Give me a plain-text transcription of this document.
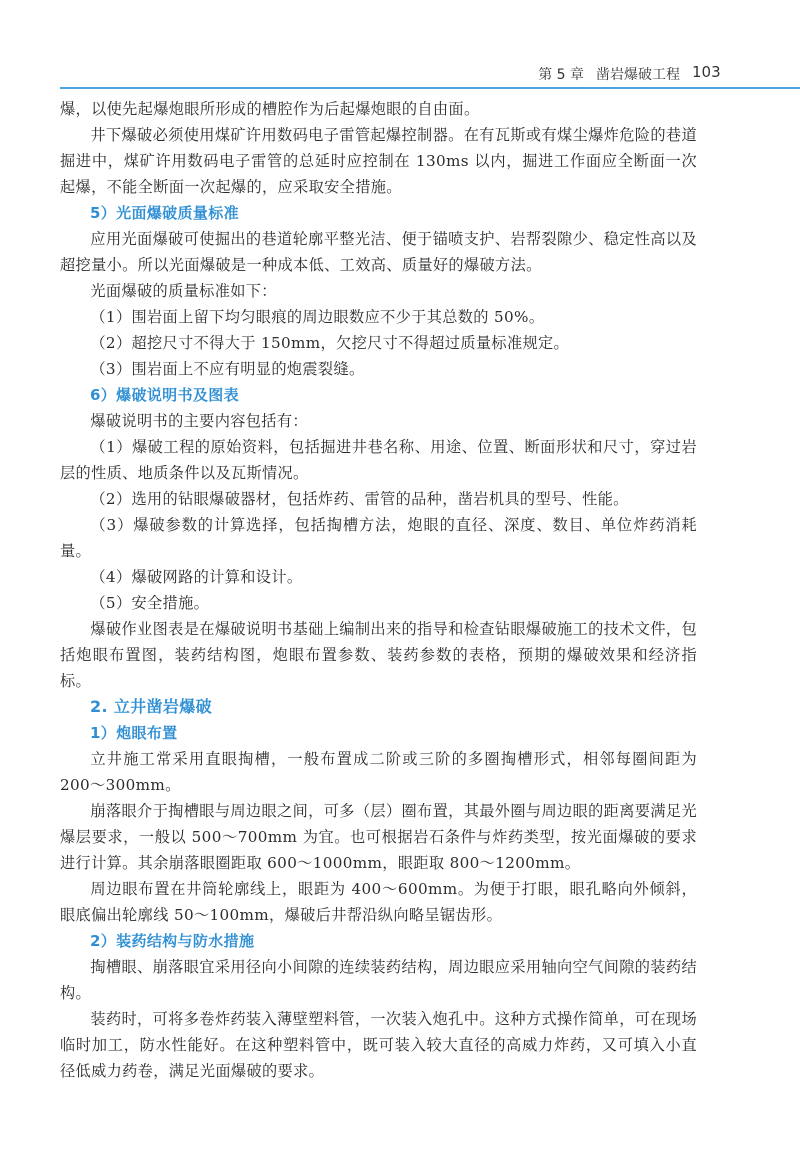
第 5 章 凿岩爆破工程 103

爆，以使先起爆炮眼所形成的槽腔作为后起爆炮眼的自由面。

井下爆破必须使用煤矿许用数码电子雷管起爆控制器。在有瓦斯或有煤尘爆炸危险的巷道掘进中，煤矿许用数码电子雷管的总延时应控制在 130ms 以内，掘进工作面应全断面一次起爆，不能全断面一次起爆的，应采取安全措施。

5）光面爆破质量标准

应用光面爆破可使掘出的巷道轮廓平整光洁、便于锚喷支护、岩帮裂隙少、稳定性高以及超挖量小。所以光面爆破是一种成本低、工效高、质量好的爆破方法。

光面爆破的质量标准如下：

（1）围岩面上留下均匀眼痕的周边眼数应不少于其总数的 50%。

（2）超挖尺寸不得大于 150mm，欠挖尺寸不得超过质量标准规定。

（3）围岩面上不应有明显的炮震裂缝。

6）爆破说明书及图表

爆破说明书的主要内容包括有：

（1）爆破工程的原始资料，包括掘进井巷名称、用途、位置、断面形状和尺寸，穿过岩层的性质、地质条件以及瓦斯情况。

（2）选用的钻眼爆破器材，包括炸药、雷管的品种，凿岩机具的型号、性能。

（3）爆破参数的计算选择，包括掏槽方法，炮眼的直径、深度、数目、单位炸药消耗量。

（4）爆破网路的计算和设计。

（5）安全措施。

爆破作业图表是在爆破说明书基础上编制出来的指导和检查钻眼爆破施工的技术文件，包括炮眼布置图，装药结构图，炮眼布置参数、装药参数的表格，预期的爆破效果和经济指标。

2. 立井凿岩爆破
1）炮眼布置

立井施工常采用直眼掏槽，一般布置成二阶或三阶的多圈掏槽形式，相邻每圈间距为 200～300mm。

崩落眼介于掏槽眼与周边眼之间，可多（层）圈布置，其最外圈与周边眼的距离要满足光爆层要求，一般以 500～700mm 为宜。也可根据岩石条件与炸药类型，按光面爆破的要求进行计算。其余崩落眼圈距取 600～1000mm，眼距取 800～1200mm。

周边眼布置在井筒轮廓线上，眼距为 400～600mm。为便于打眼，眼孔略向外倾斜，眼底偏出轮廓线 50～100mm，爆破后井帮沿纵向略呈锯齿形。

2）装药结构与防水措施

掏槽眼、崩落眼宜采用径向小间隙的连续装药结构，周边眼应采用轴向空气间隙的装药结构。

装药时，可将多卷炸药装入薄壁塑料管，一次装入炮孔中。这种方式操作简单，可在现场临时加工，防水性能好。在这种塑料管中，既可装入较大直径的高威力炸药，又可填入小直径低威力药卷，满足光面爆破的要求。
